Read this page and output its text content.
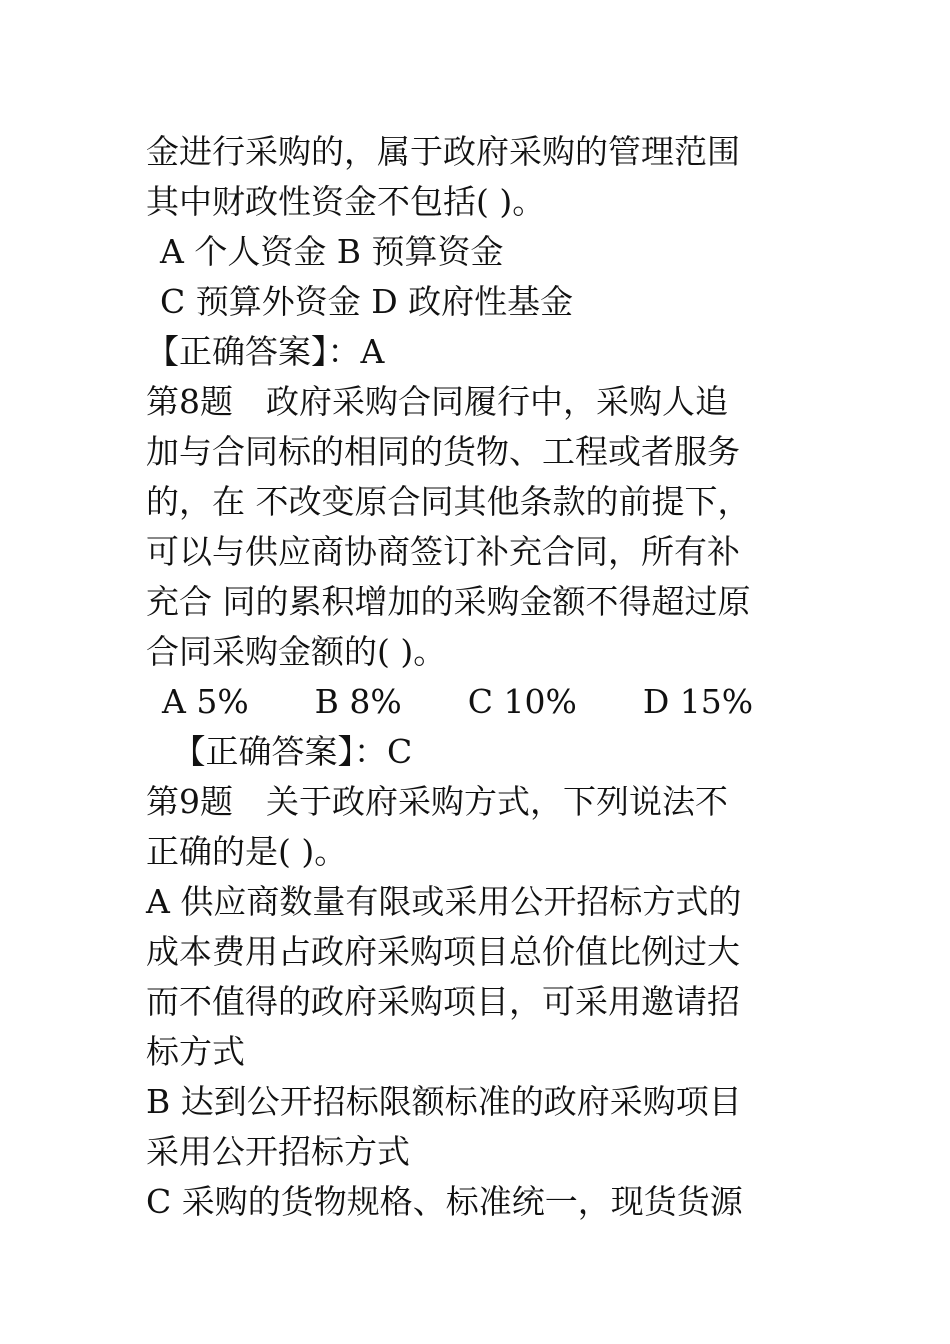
金进行采购的，属于政府采购的管理范围
其中财政性资金不包括( )。
A 个人资金 B 预算资金
C 预算外资金 D 政府性基金
【正确答案】：A
第8题　政府采购合同履行中，采购人追
加与合同标的相同的货物、工程或者服务
的，在 不改变原合同其他条款的前提下，
可以与供应商协商签订补充合同，所有补
充合 同的累积增加的采购金额不得超过原
合同采购金额的( )。
A 5%　　B 8%　　C 10%　　D 15%
【正确答案】：C
第9题　关于政府采购方式，下列说法不
正确的是( )。
A 供应商数量有限或采用公开招标方式的
成本费用占政府采购项目总价值比例过大
而不值得的政府采购项目，可采用邀请招
标方式
B 达到公开招标限额标准的政府采购项目
采用公开招标方式
C 采购的货物规格、标准统一，现货货源
